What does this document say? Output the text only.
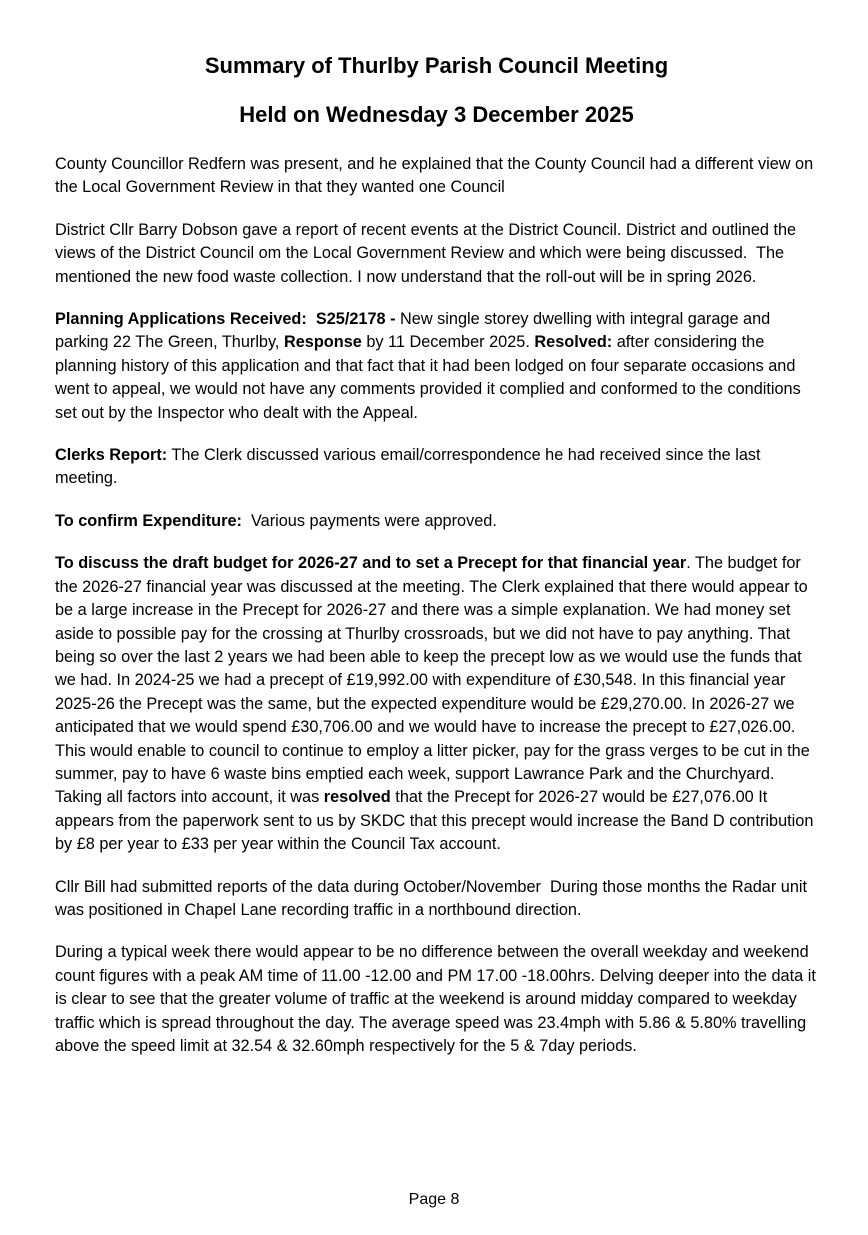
Summary of Thurlby Parish Council Meeting
Held on Wednesday 3 December 2025

County Councillor Redfern was present, and he explained that the County Council had a different view on the Local Government Review in that they wanted one Council

District Cllr Barry Dobson gave a report of recent events at the District Council. District and outlined the views of the District Council om the Local Government Review and which were being discussed.  The mentioned the new food waste collection. I now understand that the roll-out will be in spring 2026.

Planning Applications Received:  S25/2178 - New single storey dwelling with integral garage and parking 22 The Green, Thurlby, Response by 11 December 2025. Resolved: after considering the planning history of this application and that fact that it had been lodged on four separate occasions and went to appeal, we would not have any comments provided it complied and conformed to the conditions set out by the Inspector who dealt with the Appeal.

Clerks Report: The Clerk discussed various email/correspondence he had received since the last meeting.

To confirm Expenditure:  Various payments were approved.

To discuss the draft budget for 2026-27 and to set a Precept for that financial year. The budget for the 2026-27 financial year was discussed at the meeting. The Clerk explained that there would appear to be a large increase in the Precept for 2026-27 and there was a simple explanation. We had money set aside to possible pay for the crossing at Thurlby crossroads, but we did not have to pay anything. That being so over the last 2 years we had been able to keep the precept low as we would use the funds that we had. In 2024-25 we had a precept of £19,992.00 with expenditure of £30,548. In this financial year 2025-26 the Precept was the same, but the expected expenditure would be £29,270.00. In 2026-27 we anticipated that we would spend £30,706.00 and we would have to increase the precept to £27,026.00. This would enable to council to continue to employ a litter picker, pay for the grass verges to be cut in the summer, pay to have 6 waste bins emptied each week, support Lawrance Park and the Churchyard. Taking all factors into account, it was resolved that the Precept for 2026-27 would be £27,076.00 It appears from the paperwork sent to us by SKDC that this precept would increase the Band D contribution by £8 per year to £33 per year within the Council Tax account.

Cllr Bill had submitted reports of the data during October/November  During those months the Radar unit was positioned in Chapel Lane recording traffic in a northbound direction.

During a typical week there would appear to be no difference between the overall weekday and weekend count figures with a peak AM time of 11.00 -12.00 and PM 17.00 -18.00hrs. Delving deeper into the data it is clear to see that the greater volume of traffic at the weekend is around midday compared to weekday traffic which is spread throughout the day. The average speed was 23.4mph with 5.86 & 5.80% travelling above the speed limit at 32.54 & 32.60mph respectively for the 5 & 7day periods.

Page 8
